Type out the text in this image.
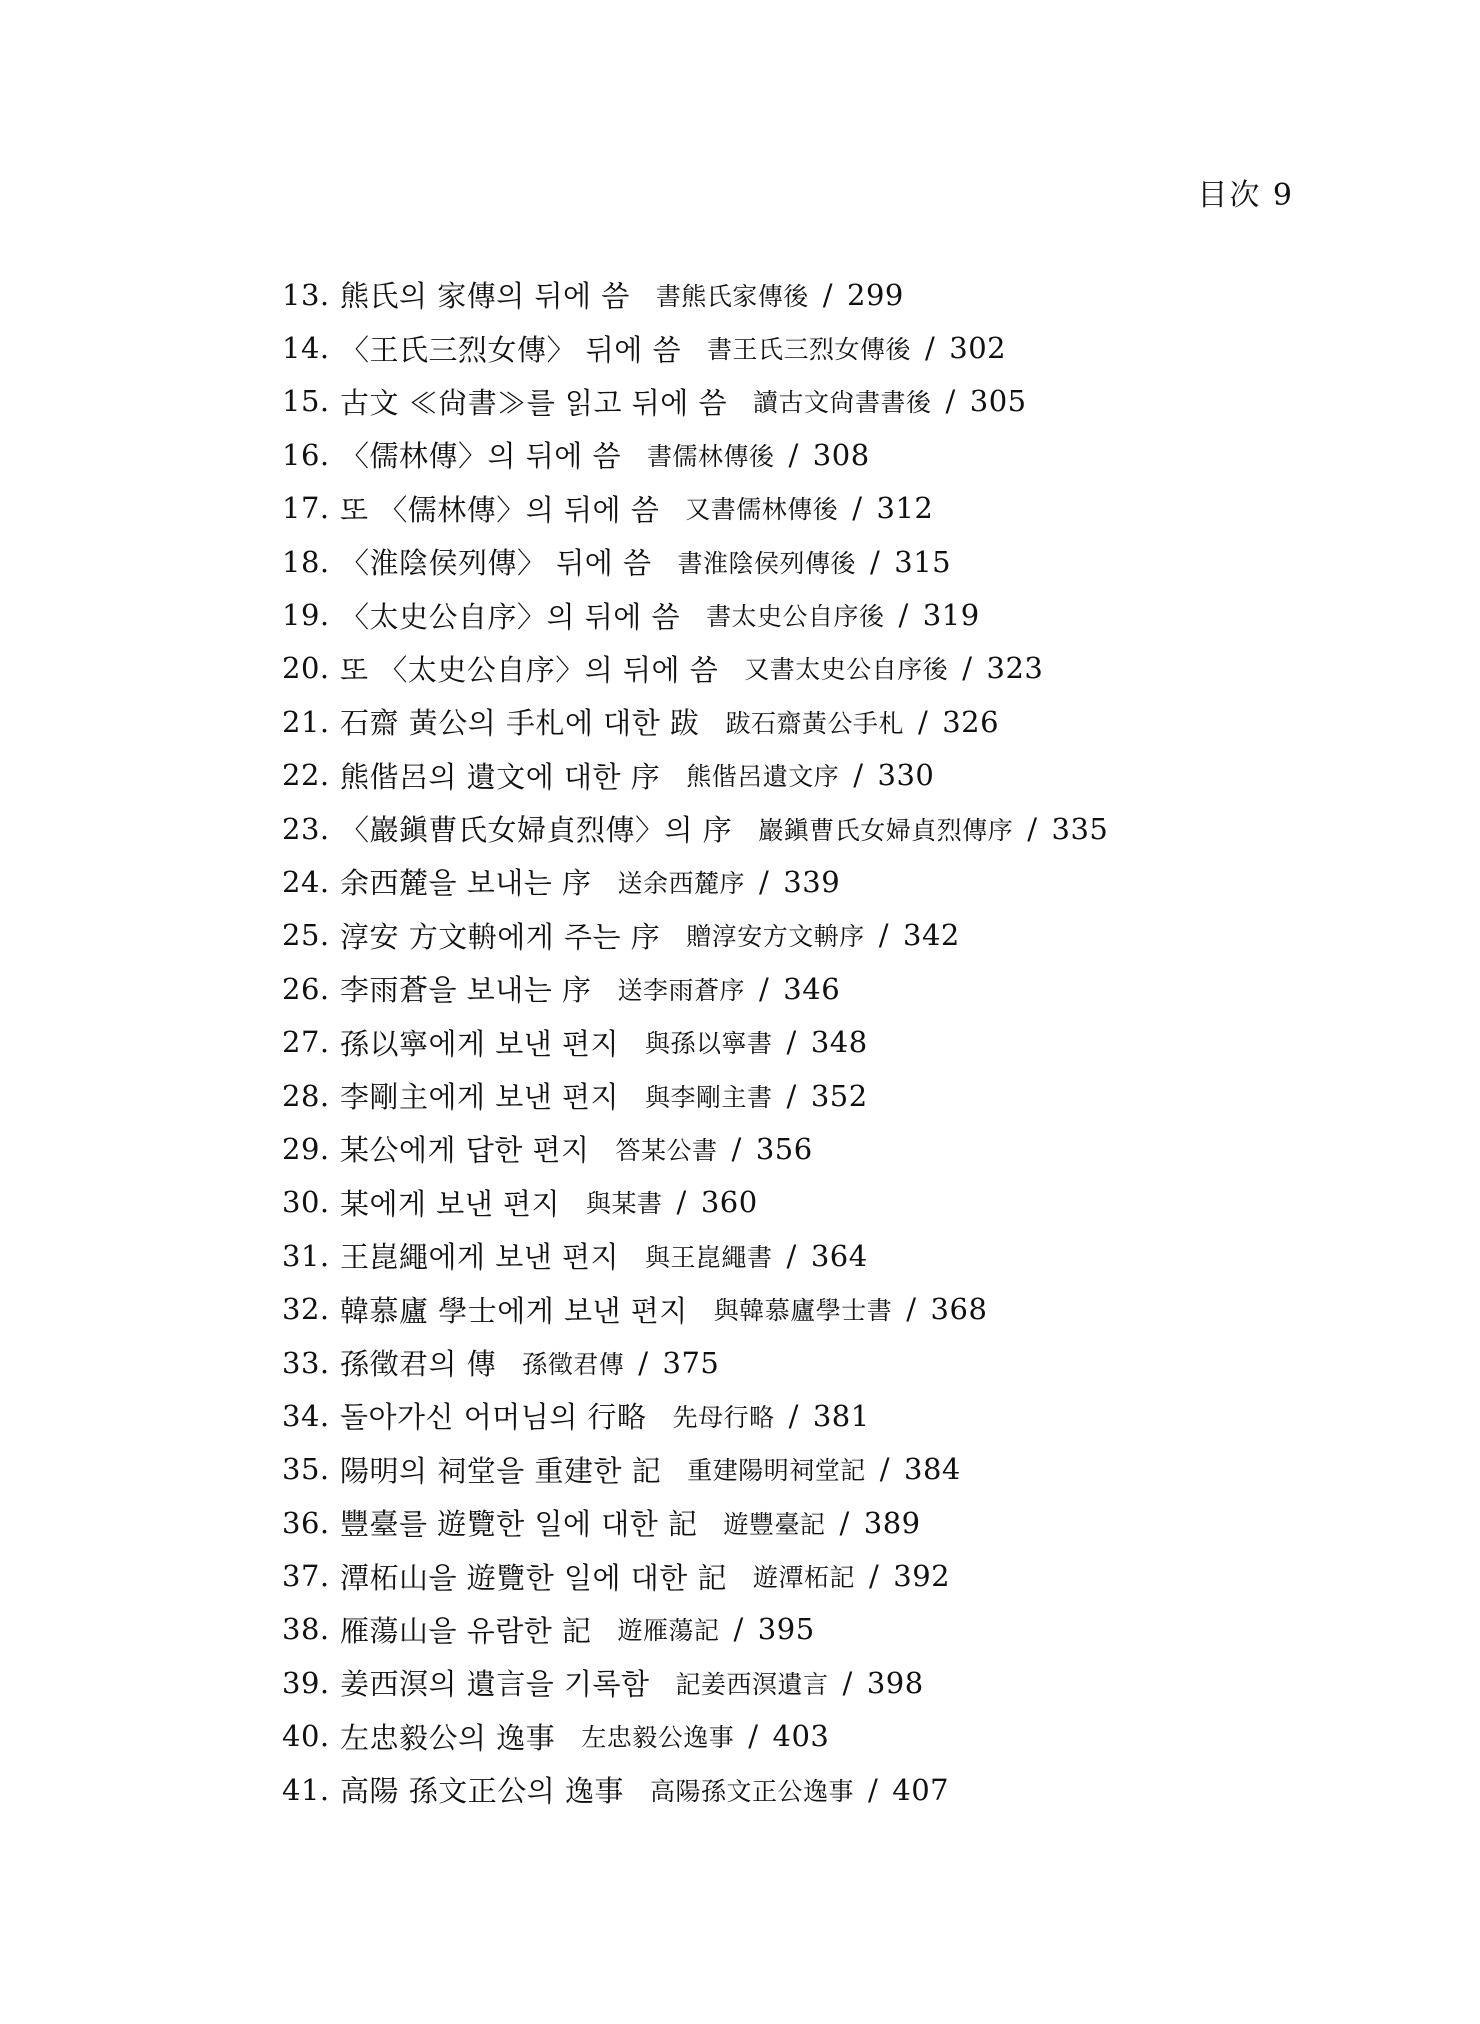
目次 9
13. 熊氏의 家傳의 뒤에 씀 書熊氏家傳後 / 299
14. 〈王氏三烈女傳〉 뒤에 씀 書王氏三烈女傳後 / 302
15. 古文 ≪尙書≫를 읽고 뒤에 씀 讀古文尙書書後 / 305
16. 〈儒林傳〉의 뒤에 씀 書儒林傳後 / 308
17. 또 〈儒林傳〉의 뒤에 씀 又書儒林傳後 / 312
18. 〈淮陰侯列傳〉 뒤에 씀 書淮陰侯列傳後 / 315
19. 〈太史公自序〉의 뒤에 씀 書太史公自序後 / 319
20. 또 〈太史公自序〉의 뒤에 씀 又書太史公自序後 / 323
21. 石齋 黃公의 手札에 대한 跋 跋石齋黃公手札 / 326
22. 熊偕呂의 遺文에 대한 序 熊偕呂遺文序 / 330
23. 〈巖鎭曹氏女婦貞烈傳〉의 序 巖鎭曹氏女婦貞烈傳序 / 335
24. 余西麓을 보내는 序 送余西麓序 / 339
25. 淳安 方文輈에게 주는 序 贈淳安方文輈序 / 342
26. 李雨蒼을 보내는 序 送李雨蒼序 / 346
27. 孫以寧에게 보낸 편지 與孫以寧書 / 348
28. 李剛主에게 보낸 편지 與李剛主書 / 352
29. 某公에게 답한 편지 答某公書 / 356
30. 某에게 보낸 편지 與某書 / 360
31. 王崑繩에게 보낸 편지 與王崑繩書 / 364
32. 韓慕廬 學士에게 보낸 편지 與韓慕廬學士書 / 368
33. 孫徵君의 傳 孫徵君傳 / 375
34. 돌아가신 어머님의 行略 先母行略 / 381
35. 陽明의 祠堂을 重建한 記 重建陽明祠堂記 / 384
36. 豐臺를 遊覽한 일에 대한 記 遊豐臺記 / 389
37. 潭柘山을 遊覽한 일에 대한 記 遊潭柘記 / 392
38. 雁蕩山을 유람한 記 遊雁蕩記 / 395
39. 姜西溟의 遺言을 기록함 記姜西溟遺言 / 398
40. 左忠毅公의 逸事 左忠毅公逸事 / 403
41. 高陽 孫文正公의 逸事 高陽孫文正公逸事 / 407
